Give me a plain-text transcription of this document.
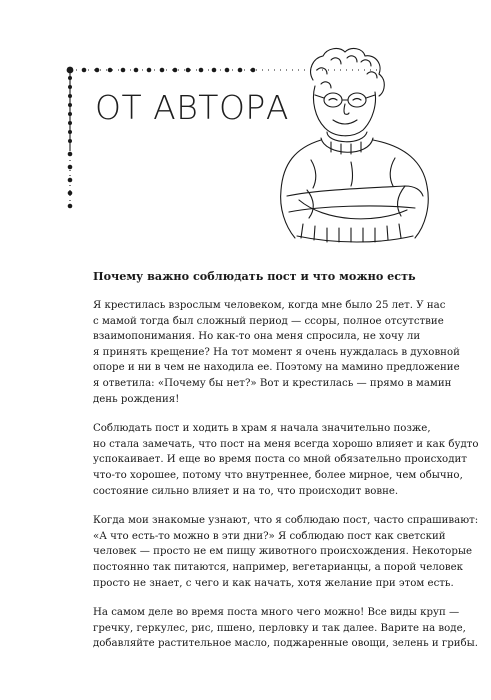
ОТ АВТОРА
Почему важно соблюдать пост и что можно есть

Я крестилась взрослым человеком, когда мне было 25 лет. У нас
с мамой тогда был сложный период — ссоры, полное отсутствие
взаимопонимания. Но как-то она меня спросила, не хочу ли
я принять крещение? На тот момент я очень нуждалась в духовной
опоре и ни в чем не находила ее. Поэтому на мамино предложение
я ответила: «Почему бы нет?» Вот и крестилась — прямо в мамин
день рождения!

Соблюдать пост и ходить в храм я начала значительно позже,
но стала замечать, что пост на меня всегда хорошо влияет и как будто
успокаивает. И еще во время поста со мной обязательно происходит
что-то хорошее, потому что внутреннее, более мирное, чем обычно,
состояние сильно влияет и на то, что происходит вовне.

Когда мои знакомые узнают, что я соблюдаю пост, часто спрашивают:
«А что есть-то можно в эти дни?» Я соблюдаю пост как светский
человек — просто не ем пищу животного происхождения. Некоторые
постоянно так питаются, например, вегетарианцы, а порой человек
просто не знает, с чего и как начать, хотя желание при этом есть.

На самом деле во время поста много чего можно! Все виды круп —
гречку, геркулес, рис, пшено, перловку и так далее. Варите на воде,
добавляйте растительное масло, поджаренные овощи, зелень и грибы.
